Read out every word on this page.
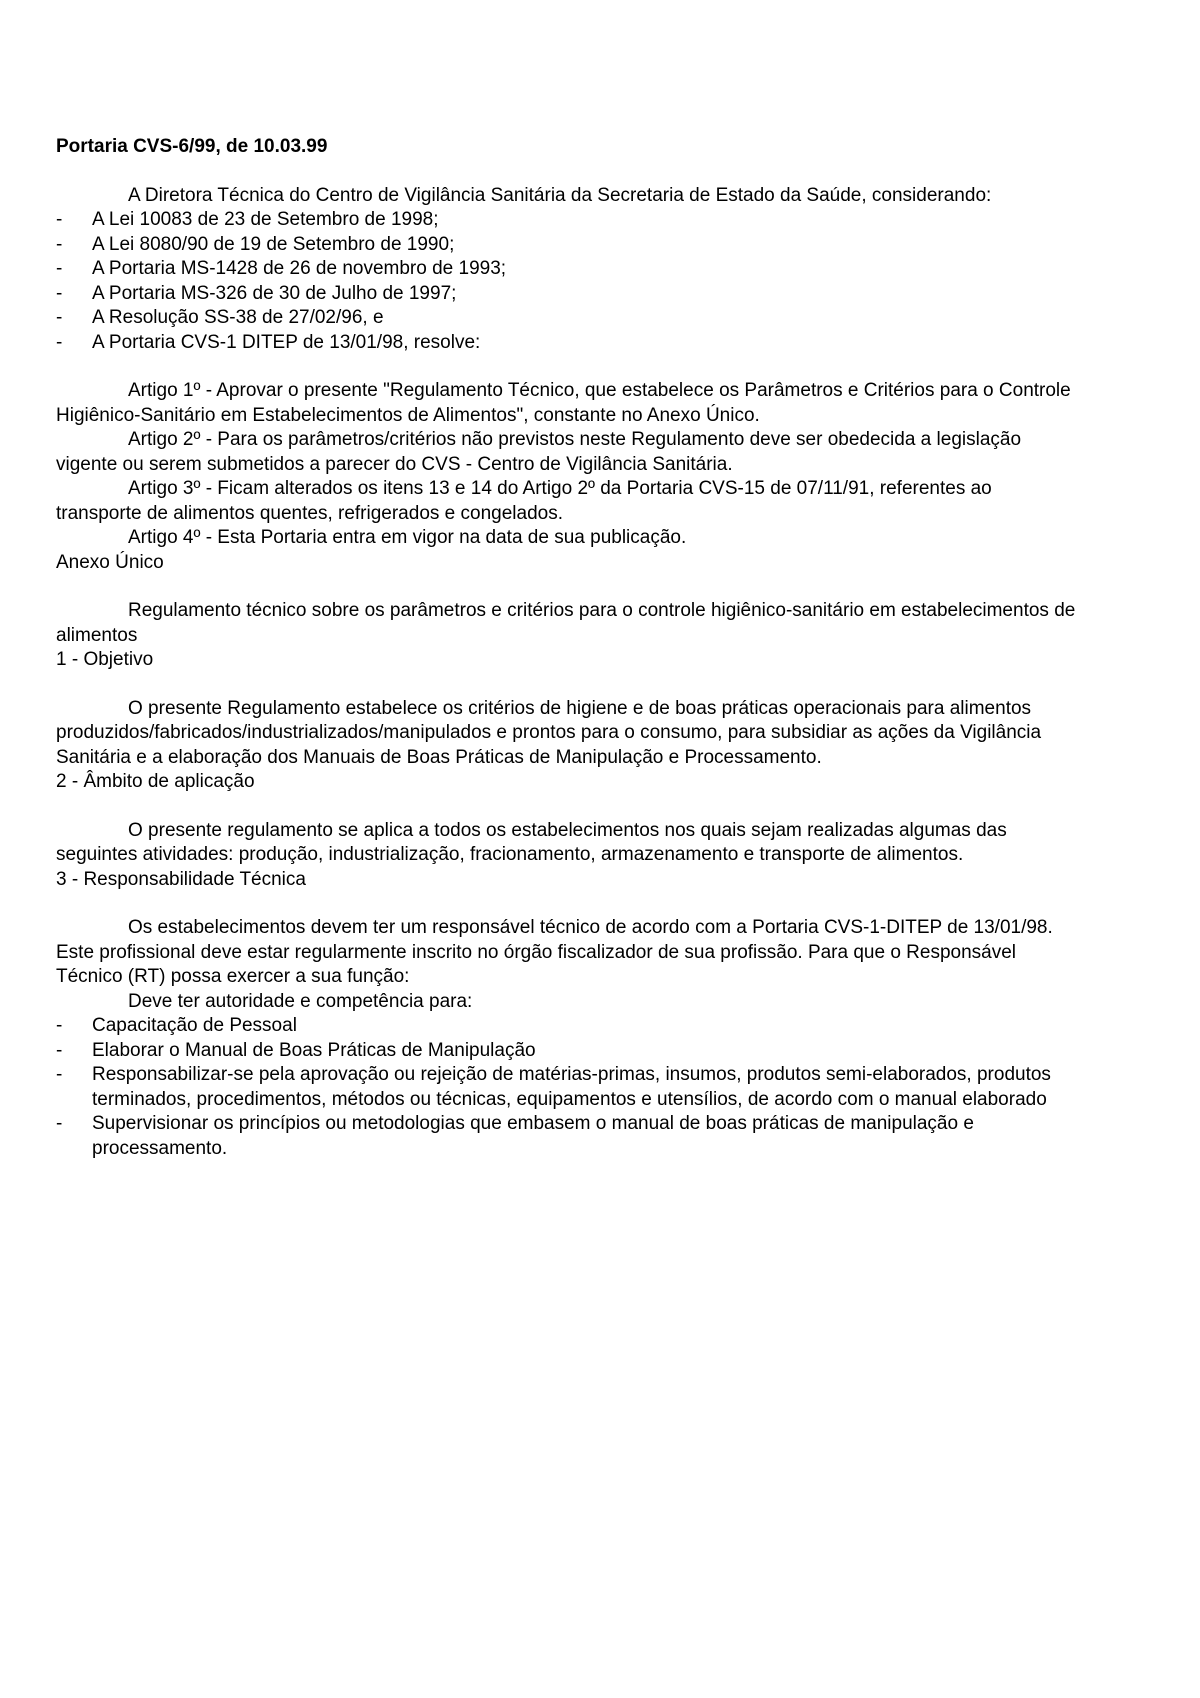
Portaria CVS-6/99, de 10.03.99

A Diretora Técnica do Centro de Vigilância Sanitária da Secretaria de Estado da Saúde, considerando:

- A Lei 10083 de 23 de Setembro de 1998;
- A Lei 8080/90 de 19 de Setembro de 1990;
- A Portaria MS-1428 de 26 de novembro de 1993;
- A Portaria MS-326 de 30 de Julho de 1997;
- A Resolução SS-38 de 27/02/96, e
- A Portaria CVS-1 DITEP de 13/01/98, resolve:

Artigo 1º - Aprovar o presente "Regulamento Técnico, que estabelece os Parâmetros e Critérios para o Controle Higiênico-Sanitário em Estabelecimentos de Alimentos", constante no Anexo Único.

Artigo 2º - Para os parâmetros/critérios não previstos neste Regulamento deve ser obedecida a legislação vigente ou serem submetidos a parecer do CVS - Centro de Vigilância Sanitária.

Artigo 3º - Ficam alterados os itens 13 e 14 do Artigo 2º da Portaria CVS-15 de 07/11/91, referentes ao transporte de alimentos quentes, refrigerados e congelados.

Artigo 4º - Esta Portaria entra em vigor na data de sua publicação.

Anexo Único

Regulamento técnico sobre os parâmetros e critérios para o controle higiênico-sanitário em estabelecimentos de alimentos

1 - Objetivo

O presente Regulamento estabelece os critérios de higiene e de boas práticas operacionais para alimentos produzidos/fabricados/industrializados/manipulados e prontos para o consumo, para subsidiar as ações da Vigilância Sanitária e a elaboração dos Manuais de Boas Práticas de Manipulação e Processamento.

2 - Âmbito de aplicação

O presente regulamento se aplica a todos os estabelecimentos nos quais sejam realizadas algumas das seguintes atividades: produção, industrialização, fracionamento, armazenamento e transporte de alimentos.

3 - Responsabilidade Técnica

Os estabelecimentos devem ter um responsável técnico de acordo com a Portaria CVS-1-DITEP de 13/01/98. Este profissional deve estar regularmente inscrito no órgão fiscalizador de sua profissão. Para que o Responsável Técnico (RT) possa exercer a sua função:

Deve ter autoridade e competência para:

- Capacitação de Pessoal
- Elaborar o Manual de Boas Práticas de Manipulação
- Responsabilizar-se pela aprovação ou rejeição de matérias-primas, insumos, produtos semi-elaborados, produtos terminados, procedimentos, métodos ou técnicas, equipamentos e utensílios, de acordo com o manual elaborado
- Supervisionar os princípios ou metodologias que embasem o manual de boas práticas de manipulação e processamento.
